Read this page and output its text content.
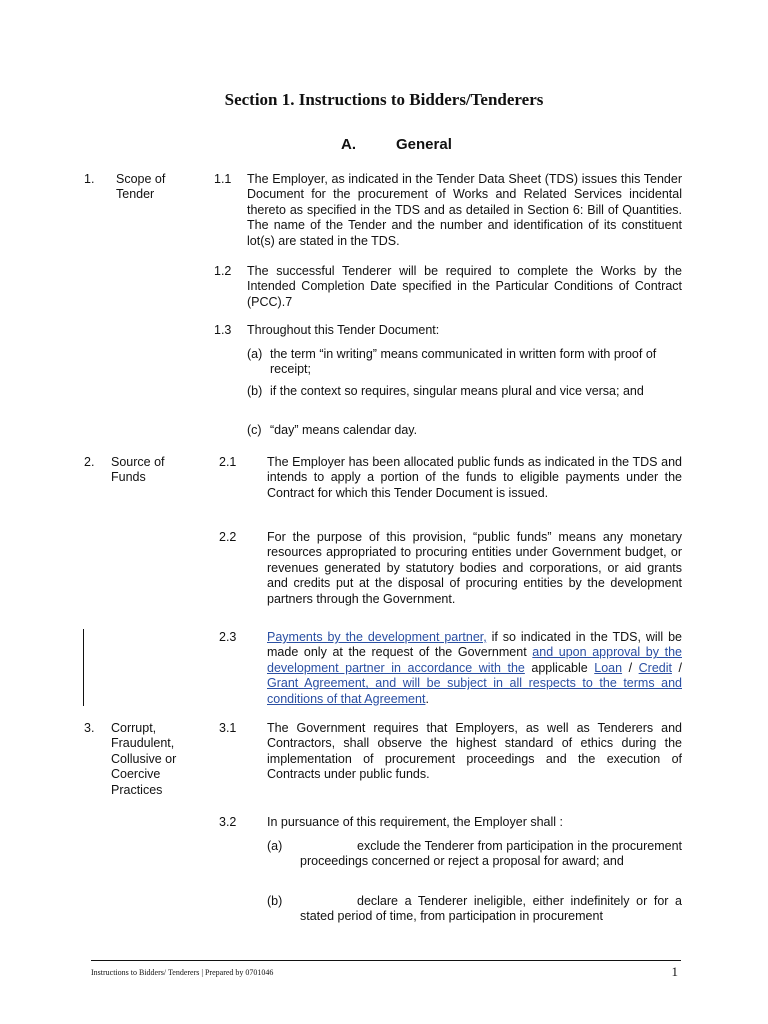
Section 1. Instructions to Bidders/Tenderers
A.	General

1. Scope of Tender

1.1 The Employer, as indicated in the Tender Data Sheet (TDS) issues this Tender Document for the procurement of Works and Related Services incidental thereto as specified in the TDS and as detailed in Section 6: Bill of Quantities. The name of the Tender and the number and identification of its constituent lot(s) are stated in the TDS.

1.2 The successful Tenderer will be required to complete the Works by the Intended Completion Date specified in the Particular Conditions of Contract (PCC).7

1.3 Throughout this Tender Document:

(a) the term “in writing” means communicated in written form with proof of receipt;

(b) if the context so requires, singular means plural and vice versa; and

(c) “day” means calendar day.

2. Source of Funds

2.1 The Employer has been allocated public funds as indicated in the TDS and intends to apply a portion of the funds to eligible payments under the Contract for which this Tender Document is issued.

2.2 For the purpose of this provision, “public funds” means any monetary resources appropriated to procuring entities under Government budget, or revenues generated by statutory bodies and corporations, or aid grants and credits put at the disposal of procuring entities by the development partners through the Government.

2.3 Payments by the development partner, if so indicated in the TDS, will be made only at the request of the Government and upon approval by the development partner in accordance with the applicable Loan / Credit / Grant Agreement, and will be subject in all respects to the terms and conditions of that Agreement.

3. Corrupt, Fraudulent, Collusive or Coercive Practices

3.1 The Government requires that Employers, as well as Tenderers and Contractors, shall observe the highest standard of ethics during the implementation of procurement proceedings and the execution of Contracts under public funds.

3.2 In pursuance of this requirement, the Employer shall :

(a)	exclude the Tenderer from participation in the procurement proceedings concerned or reject a proposal for award; and

(b)	declare a Tenderer ineligible, either indefinitely or for a stated period of time, from participation in procurement

Instructions to Bidders/ Tenderers | Prepared by 0701046	1
